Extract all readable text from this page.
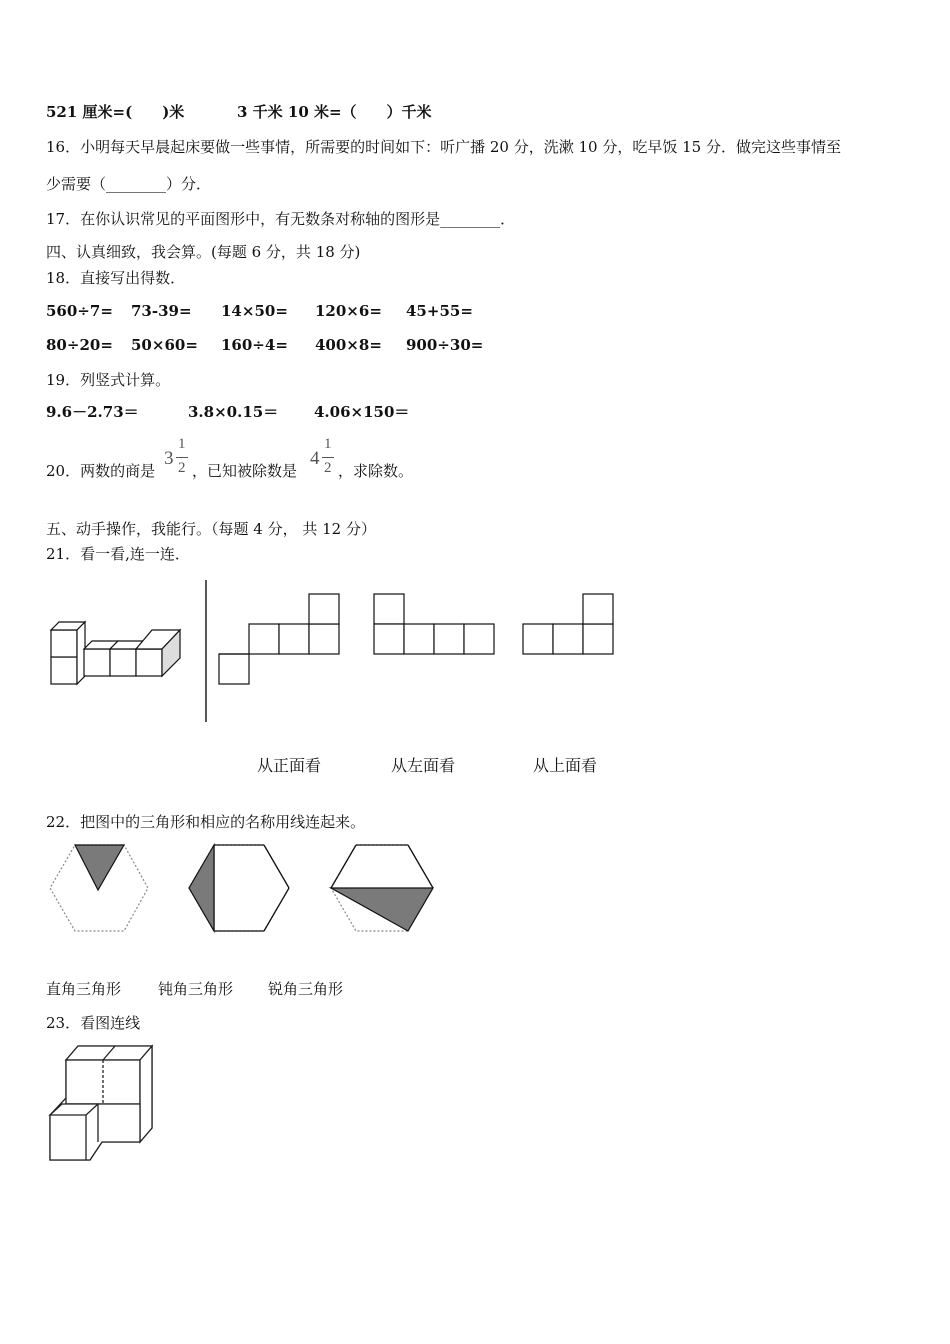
521 厘米=(　　)米	3 千米 10 米=（　　）千米
16．小明每天早晨起床要做一些事情，所需要的时间如下：听广播 20 分，洗漱 10 分，吃早饭 15 分．做完这些事情至
少需要（________）分．
17．在你认识常见的平面图形中，有无数条对称轴的图形是________．
四、认真细致，我会算。(每题 6 分，共 18 分)
18．直接写出得数．
560÷7= 73-39= 14×50= 120×6= 45+55=
80÷20= 50×60= 160÷4= 400×8= 900÷30=
19．列竖式计算。
9.6－2.73＝	3.8×0.15＝ 4.06×150＝
20．两数的商是
3
1
2 ，已知被除数是
4
1
2 ，求除数。
五、动手操作，我能行。（每题 4 分， 共 12 分）
21．看一看,连一连．
从正面看	从左面看	从上面看
22．把图中的三角形和相应的名称用线连起来。
直角三角形 钝角三角形 锐角三角形
23．看图连线
